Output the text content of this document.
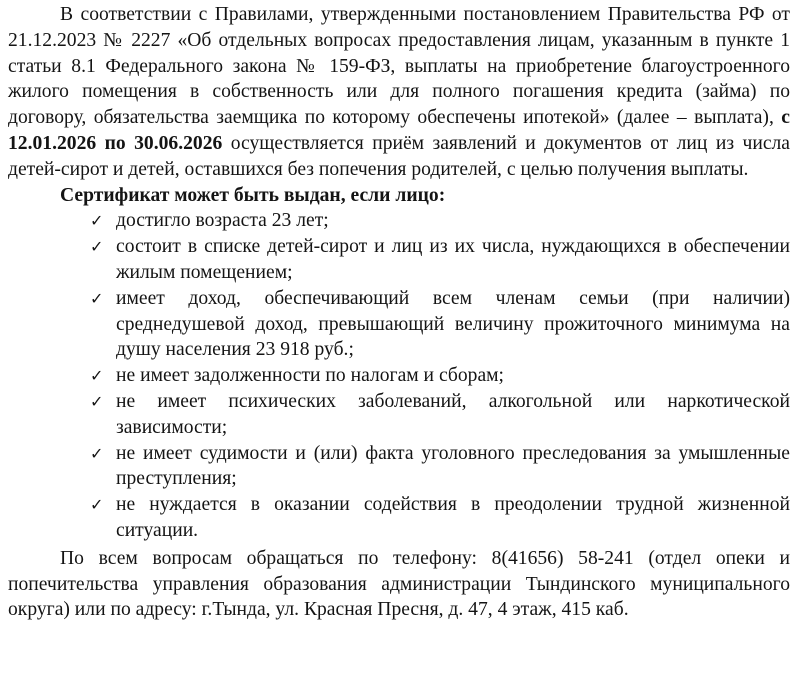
В соответствии с Правилами, утвержденными постановлением Правительства РФ от 21.12.2023 № 2227 «Об отдельных вопросах предоставления лицам, указанным в пункте 1 статьи 8.1 Федерального закона № 159-ФЗ, выплаты на приобретение благоустроенного жилого помещения в собственность или для полного погашения кредита (займа) по договору, обязательства заемщика по которому обеспечены ипотекой» (далее – выплата), с 12.01.2026 по 30.06.2026 осуществляется приём заявлений и документов от лиц из числа детей-сирот и детей, оставшихся без попечения родителей, с целью получения выплаты.

Сертификат может быть выдан, если лицо:

✓ достигло возраста 23 лет;
✓ состоит в списке детей-сирот и лиц из их числа, нуждающихся в обеспечении жилым помещением;
✓ имеет доход, обеспечивающий всем членам семьи (при наличии) среднедушевой доход, превышающий величину прожиточного минимума на душу населения 23 918 руб.;
✓ не имеет задолженности по налогам и сборам;
✓ не имеет психических заболеваний, алкогольной или наркотической зависимости;
✓ не имеет судимости и (или) факта уголовного преследования за умышленные преступления;
✓ не нуждается в оказании содействия в преодолении трудной жизненной ситуации.

По всем вопросам обращаться по телефону: 8(41656) 58-241 (отдел опеки и попечительства управления образования администрации Тындинского муниципального округа) или по адресу: г.Тында, ул. Красная Пресня, д. 47, 4 этаж, 415 каб.
